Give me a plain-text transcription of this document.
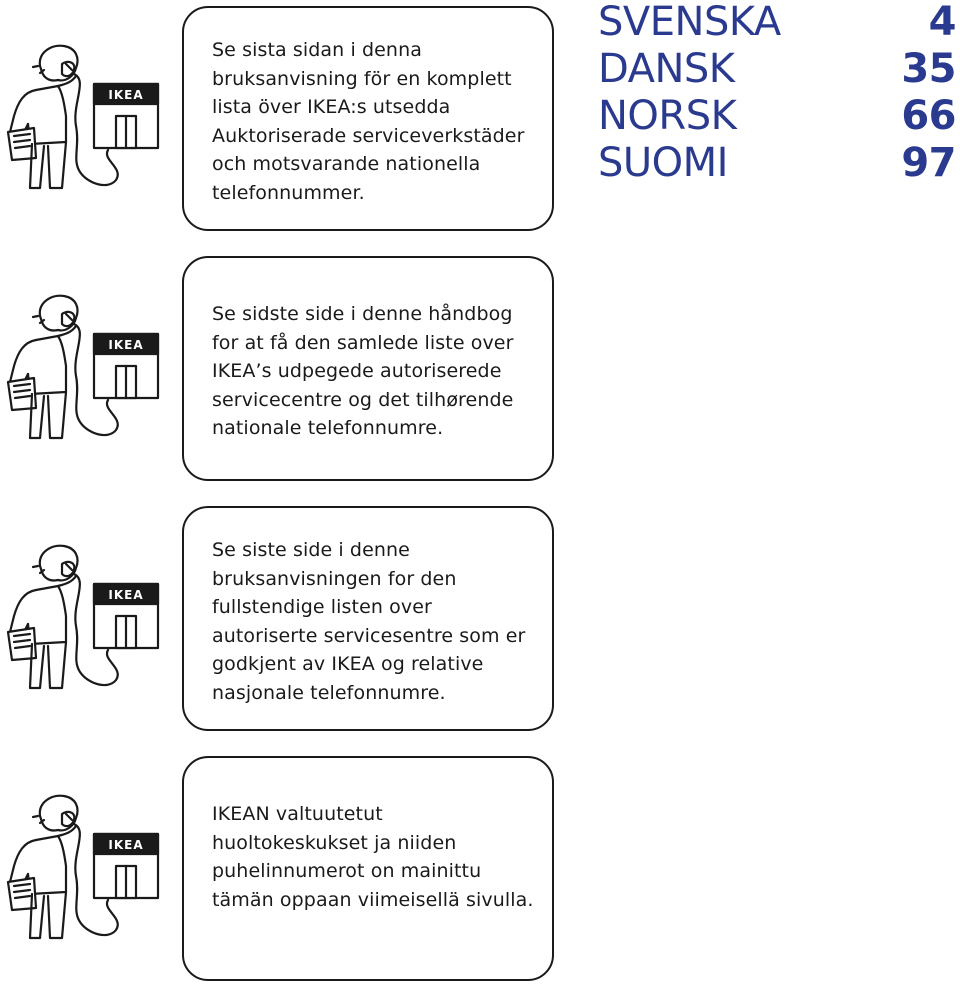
SVENSKA	4
DANSK	35
NORSK	66
SUOMI	97
IKEA
Se sista sidan i denna bruksanvisning för en komplett lista över IKEA:s utsedda Auktoriserade serviceverkstäder och motsvarande nationella telefonnummer.
IKEA
Se sidste side i denne håndbog for at få den samlede liste over IKEA’s udpegede autoriserede servicecentre og det tilhørende nationale telefonnumre.
IKEA
Se siste side i denne bruksanvisningen for den fullstendige listen over autoriserte servicesentre som er godkjent av IKEA og relative nasjonale telefonnumre.
IKEA
IKEAN valtuutetut huoltokeskukset ja niiden puhelinnumerot on mainittu tämän oppaan viimeisellä sivulla.
